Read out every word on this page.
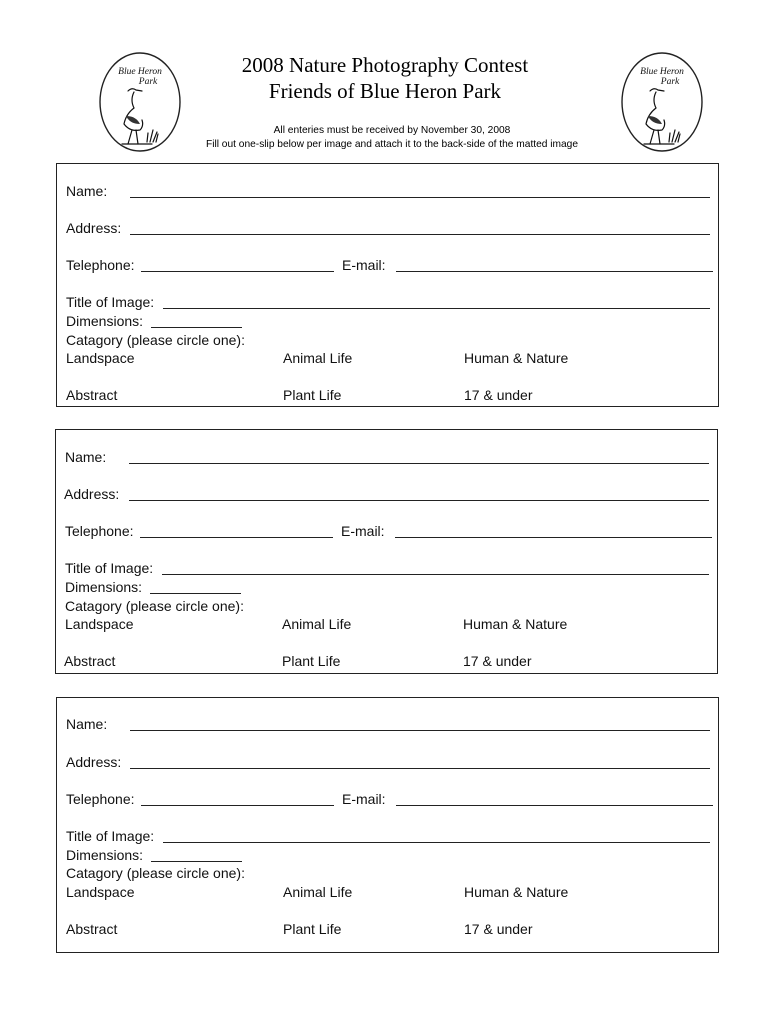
Blue Heron
Park
Blue Heron
Park
2008 Nature Photography Contest
Friends of Blue Heron Park
All enteries must be received by November 30, 2008
Fill out one-slip below per image and attach it to the back-side of the matted image
Name:
Address:
Telephone:	E-mail:
Title of Image:
Dimensions:
Catagory (please circle one):
Landspace	Animal Life	Human & Nature
Abstract	Plant Life	17 & under
Name:
Address:
Telephone:	E-mail:
Title of Image:
Dimensions:
Catagory (please circle one):
Landspace	Animal Life	Human & Nature
Abstract	Plant Life	17 & under
Name:
Address:
Telephone:	E-mail:
Title of Image:
Dimensions:
Catagory (please circle one):
Landspace	Animal Life	Human & Nature
Abstract	Plant Life	17 & under
